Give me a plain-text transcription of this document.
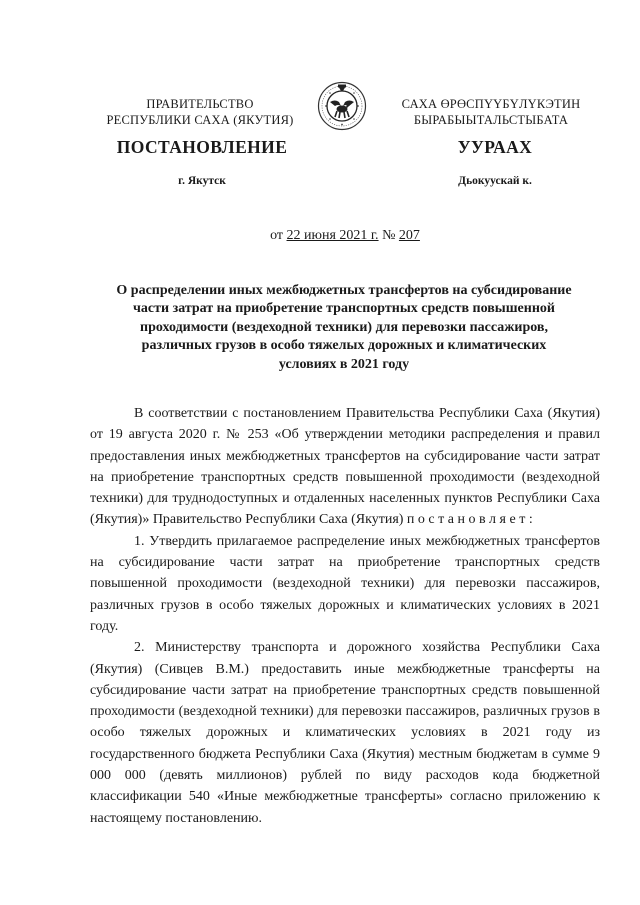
ПРАВИТЕЛЬСТВО
РЕСПУБЛИКИ САХА (ЯКУТИЯ)
САХА ӨРӨСПҮҮБҮЛҮКЭТИН
БЫРАБЫЫТАЛЬСТЫБАТА
ПОСТАНОВЛЕНИЕ	УУРААХ
г. Якутск	Дьокуускай к.
от 22 июня 2021 г. № 207
О распределении иных межбюджетных трансфертов на субсидирование
части затрат на приобретение транспортных средств повышенной
проходимости (вездеходной техники) для перевозки пассажиров,
различных грузов в особо тяжелых дорожных и климатических
условиях в 2021 году

В соответствии с постановлением Правительства Республики Саха (Якутия) от 19 августа 2020 г. № 253 «Об утверждении методики распределения и правил предоставления иных межбюджетных трансфертов на субсидирование части затрат на приобретение транспортных средств повышенной проходимости (вездеходной техники) для труднодоступных и отдаленных населенных пунктов Республики Саха (Якутия)» Правительство Республики Саха (Якутия) п о с т а н о в л я е т :

1. Утвердить прилагаемое распределение иных межбюджетных трансфертов на субсидирование части затрат на приобретение транспортных средств повышенной проходимости (вездеходной техники) для перевозки пассажиров, различных грузов в особо тяжелых дорожных и климатических условиях в 2021 году.

2. Министерству транспорта и дорожного хозяйства Республики Саха (Якутия) (Сивцев В.М.) предоставить иные межбюджетные трансферты на субсидирование части затрат на приобретение транспортных средств повышенной проходимости (вездеходной техники) для перевозки пассажиров, различных грузов в особо тяжелых дорожных и климатических условиях в 2021 году из государственного бюджета Республики Саха (Якутия) местным бюджетам в сумме 9 000 000 (девять миллионов) рублей по виду расходов кода бюджетной классификации 540 «Иные межбюджетные трансферты» согласно приложению к настоящему постановлению.
